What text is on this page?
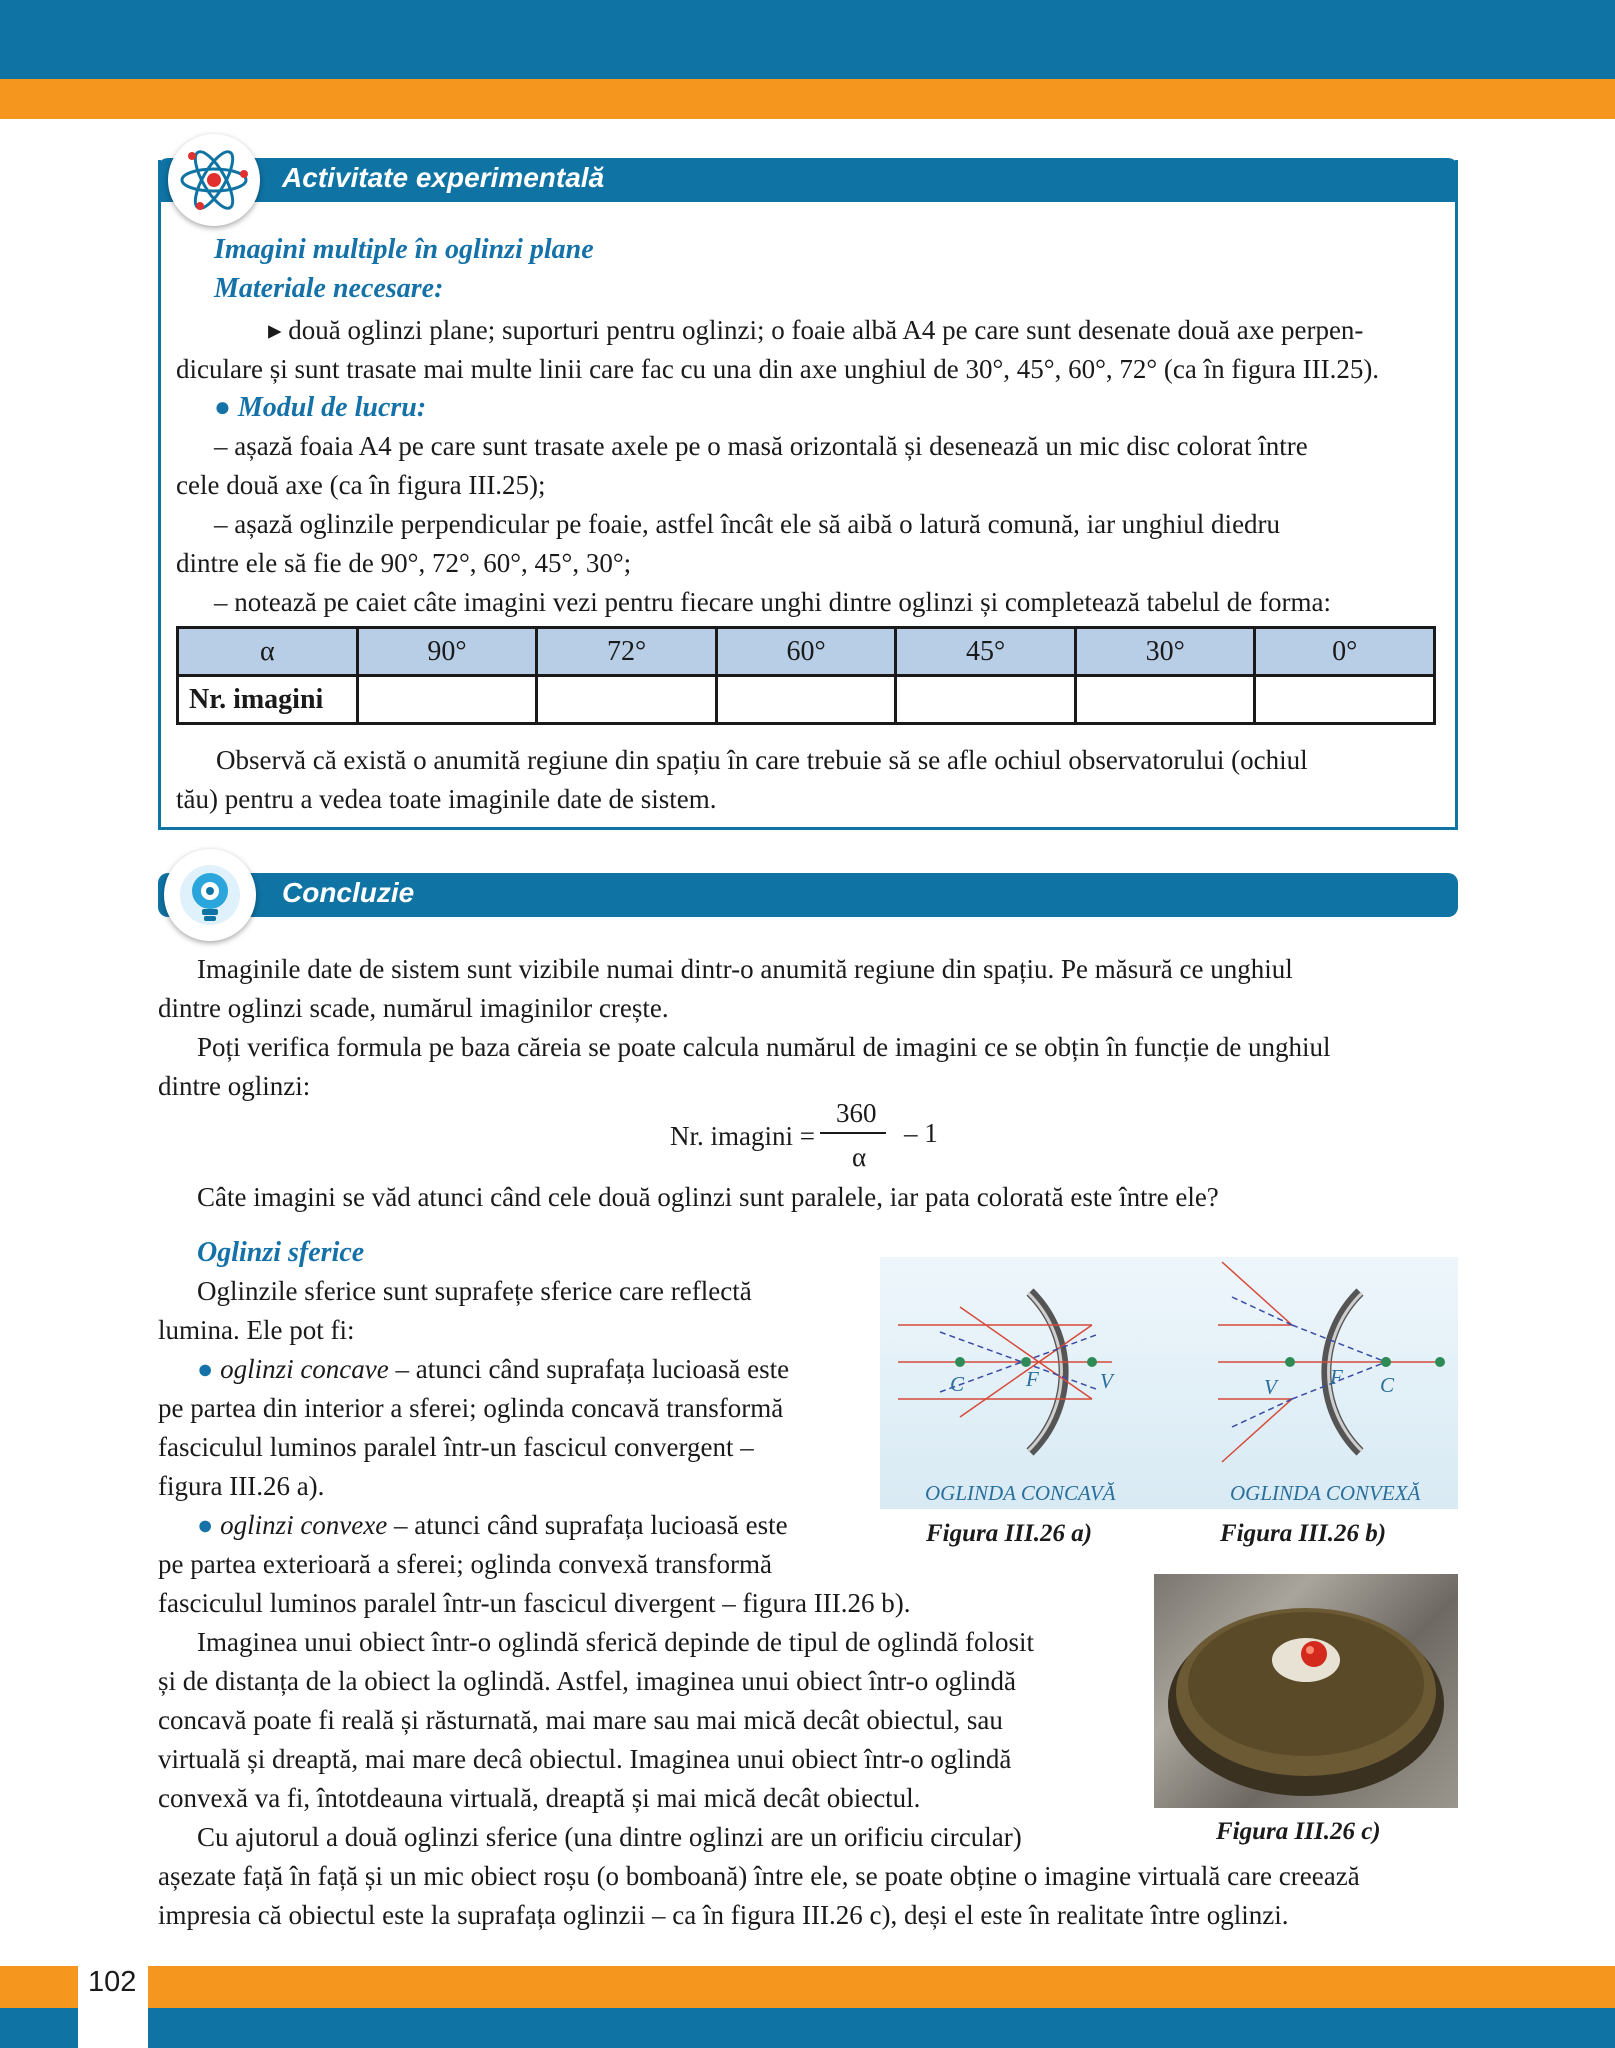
102
Activitate experimentală
Imagini multiple în oglinzi plane
Materiale necesare:
▸ două oglinzi plane; suporturi pentru oglinzi; o foaie albă A4 pe care sunt desenate două axe perpen-
diculare și sunt trasate mai multe linii care fac cu una din axe unghiul de 30°, 45°, 60°, 72° (ca în figura III.25).
● Modul de lucru:
– așază foaia A4 pe care sunt trasate axele pe o masă orizontală și desenează un mic disc colorat între
cele două axe (ca în figura III.25);
– așază oglinzile perpendicular pe foaie, astfel încât ele să aibă o latură comună, iar unghiul diedru
dintre ele să fie de 90°, 72°, 60°, 45°, 30°;
– notează pe caiet câte imagini vezi pentru fiecare unghi dintre oglinzi și completează tabelul de forma:
α	90°	72°	60°	45°	30°	0°
Nr. imagini						
Observă că există o anumită regiune din spațiu în care trebuie să se afle ochiul observatorului (ochiul
tău) pentru a vedea toate imaginile date de sistem.
Concluzie
Imaginile date de sistem sunt vizibile numai dintr-o anumită regiune din spațiu. Pe măsură ce unghiul
dintre oglinzi scade, numărul imaginilor crește.
Poți verifica formula pe baza căreia se poate calcula numărul de imagini ce se obțin în funcție de unghiul
dintre oglinzi:
Nr. imagini =
360
α
– 1
Câte imagini se văd atunci când cele două oglinzi sunt paralele, iar pata colorată este între ele?
Oglinzi sferice
Oglinzile sferice sunt suprafețe sferice care reflectă
lumina. Ele pot fi:
● oglinzi concave – atunci când suprafața lucioasă este
pe partea din interior a sferei; oglinda concavă transformă
fasciculul luminos paralel într-un fascicul convergent –
figura III.26 a).
● oglinzi convexe – atunci când suprafața lucioasă este
pe partea exterioară a sferei; oglinda convexă transformă
fasciculul luminos paralel într-un fascicul divergent – figura III.26 b).
Imaginea unui obiect într-o oglindă sferică depinde de tipul de oglindă folosit
și de distanța de la obiect la oglindă. Astfel, imaginea unui obiect într-o oglindă
concavă poate fi reală și răsturnată, mai mare sau mai mică decât obiectul, sau
virtuală și dreaptă, mai mare decâ obiectul. Imaginea unui obiect într-o oglindă
convexă va fi, întotdeauna virtuală, dreaptă și mai mică decât obiectul.
Cu ajutorul a două oglinzi sferice (una dintre oglinzi are un orificiu circular)
așezate față în față și un mic obiect roșu (o bomboană) între ele, se poate obține o imagine virtuală care creează
impresia că obiectul este la suprafața oglinzii – ca în figura III.26 c), deși el este în realitate între oglinzi.
C	F	V	V	F C
OGLINDA CONCAVĂ	OGLINDA CONVEXĂ
Figura III.26 a)	Figura III.26 b)
Figura III.26 c)
